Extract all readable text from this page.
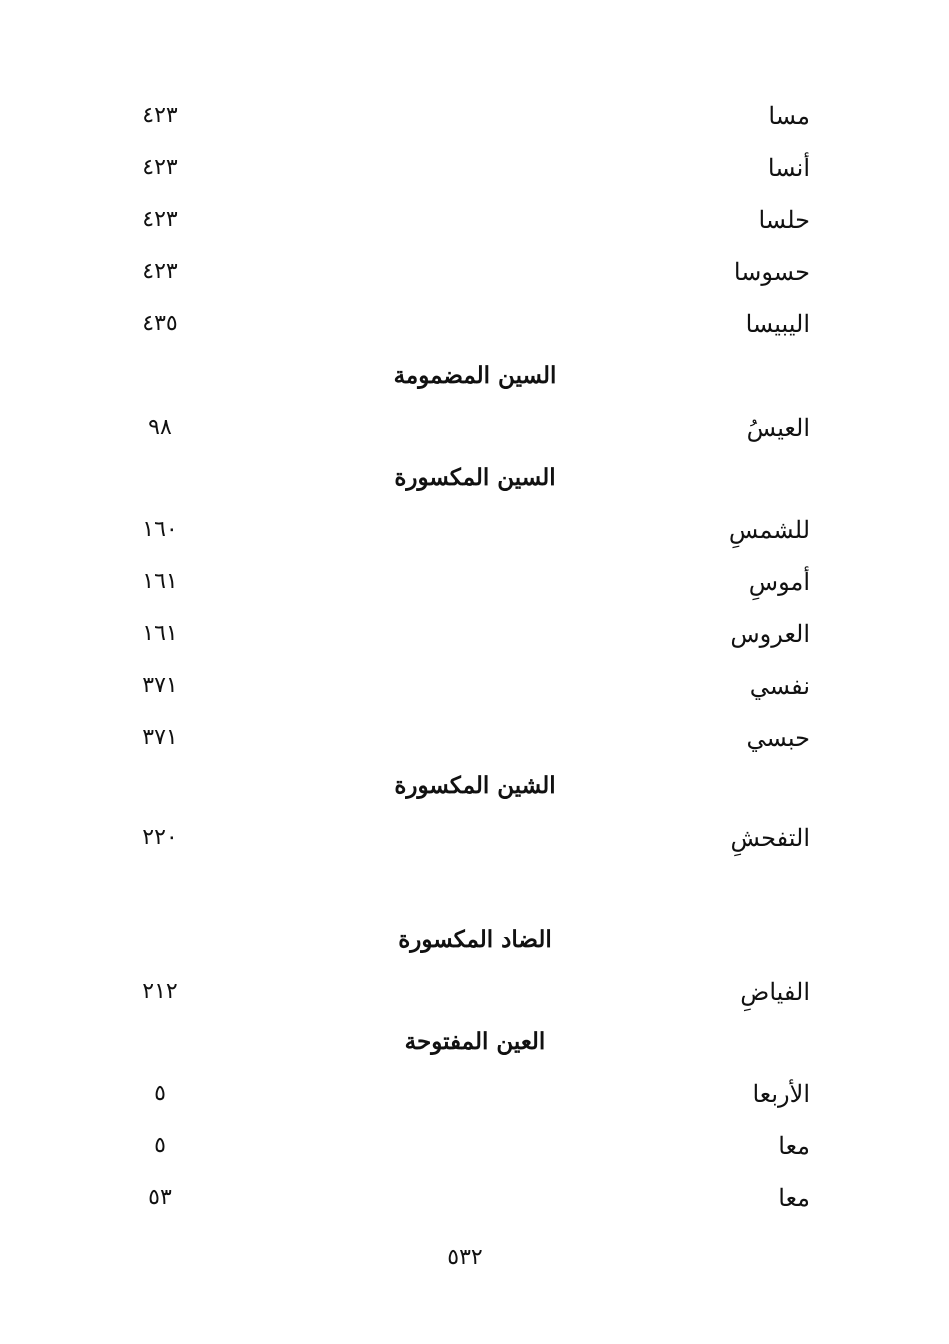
مسا
٤٢٣
أنسا
٤٢٣
حلسا
٤٢٣
حسوسا
٤٢٣
اليبيسا
٤٣٥
السين المضمومة
العيسُ
٩٨
السين المكسورة
للشمسِ
١٦٠
أموسِ
١٦١
العروس
١٦١
نفسي
٣٧١
حبسي
٣٧١
الشين المكسورة
التفحشِ
٢٢٠
الضاد المكسورة
الفياضِ
٢١٢
العين المفتوحة
الأربعا
٥
معا
٥
معا
٥٣
٥٣٢
